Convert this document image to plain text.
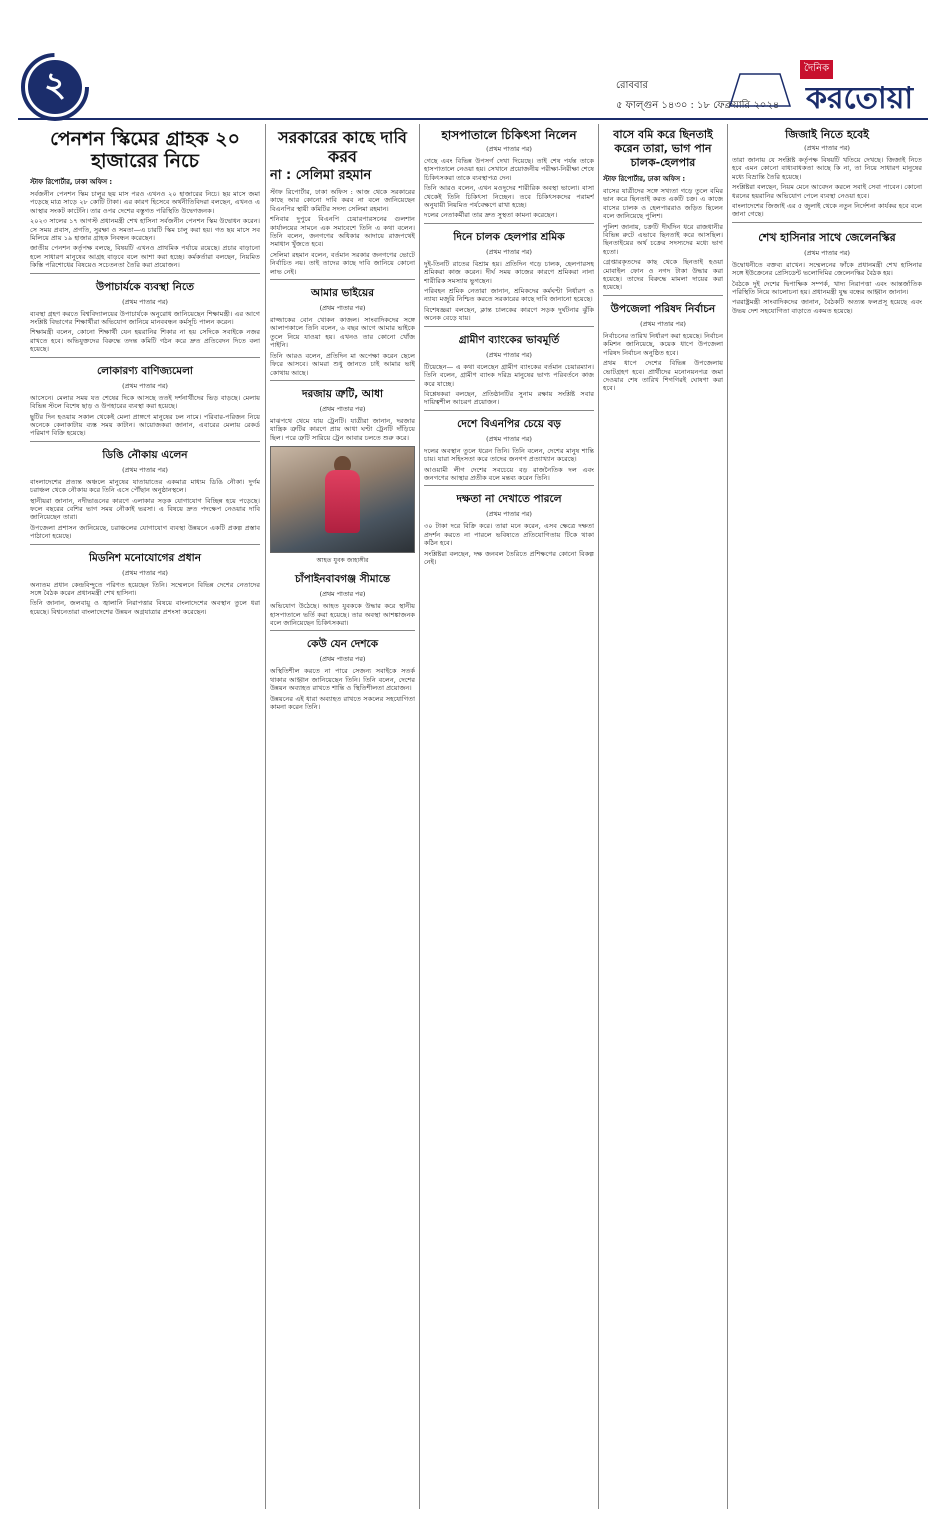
২	রোববার
৫ ফাল্গুন ১৪৩০ : ১৮ ফেব্রুয়ারি ২০২৪
দৈনিক
করতোয়া
পেনশন স্কিমের গ্রাহক ২০ হাজারের নিচে
স্টাফ রিপোর্টার, ঢাকা অফিস :

সর্বজনীন পেনশন স্কিম চালুর ছয় মাস পরও এখনও ২০ হাজারের নিচে। ছয় মাসে জমা পড়েছে মাত্র সাড়ে ২৮ কোটি টাকা। এর কারণ হিসেবে অর্থনীতিবিদরা বলছেন, এখনও এ আস্থার সংকট কাটেনি। তার ওপর দেশের বস্তুগত পরিস্থিতি উদ্বেগজনক।

২০২৩ সালের ১৭ আগস্ট প্রধানমন্ত্রী শেখ হাসিনা সর্বজনীন পেনশন স্কিম উদ্বোধন করেন। সে সময় প্রবাস, প্রগতি, সুরক্ষা ও সমতা—এ চারটি স্কিম চালু করা হয়। গত ছয় মাসে সব মিলিয়ে প্রায় ১৯ হাজার গ্রাহক নিবন্ধন করেছেন।

জাতীয় পেনশন কর্তৃপক্ষ বলছে, বিষয়টি এখনও প্রাথমিক পর্যায়ে রয়েছে। প্রচার বাড়ানো হলে সাধারণ মানুষের আগ্রহ বাড়বে বলে আশা করা হচ্ছে। কর্মকর্তারা বলছেন, নিয়মিত কিস্তি পরিশোধের বিষয়েও সচেতনতা তৈরি করা প্রয়োজন।

উপাচার্যকে ব্যবস্থা নিতে
(প্রথম পাতার পর)

ব্যবস্থা গ্রহণ করতে বিশ্ববিদ্যালয়ের উপাচার্যকে অনুরোধ জানিয়েছেন শিক্ষামন্ত্রী। এর আগে সংশ্লিষ্ট বিভাগের শিক্ষার্থীরা অভিযোগ জানিয়ে মানববন্ধন কর্মসূচি পালন করেন।

শিক্ষামন্ত্রী বলেন, কোনো শিক্ষার্থী যেন হয়রানির শিকার না হয় সেদিকে সবাইকে নজর রাখতে হবে। অভিযুক্তদের বিরুদ্ধে তদন্ত কমিটি গঠন করে দ্রুত প্রতিবেদন দিতে বলা হয়েছে।

লোকারণ্য বাণিজ্যমেলা
(প্রথম পাতার পর)

আসেনে। মেলার সময় যত শেষের দিকে আসছে ততই দর্শনার্থীদের ভিড় বাড়ছে। মেলায় বিভিন্ন স্টলে বিশেষ ছাড় ও উপহারের ব্যবস্থা করা হয়েছে।

ছুটির দিন হওয়ায় সকাল থেকেই মেলা প্রাঙ্গণে মানুষের ঢল নামে। পরিবার-পরিজন নিয়ে অনেকে কেনাকাটায় ব্যস্ত সময় কাটান। আয়োজকরা জানান, এবারের মেলায় রেকর্ড পরিমাণ বিক্রি হয়েছে।

ডিঙি নৌকায় এলেন
(প্রথম পাতার পর)

বাংলাদেশের প্রত্যন্ত অঞ্চলে মানুষের যাতায়াতের একমাত্র মাধ্যম ডিঙি নৌকা। দুর্গম চরাঞ্চল থেকে নৌকায় করে তিনি এসে পৌঁছান অনুষ্ঠানস্থলে।

স্থানীয়রা জানান, নদীভাঙনের কারণে এলাকার সড়ক যোগাযোগ বিচ্ছিন্ন হয়ে পড়েছে। ফলে বছরের বেশির ভাগ সময় নৌকাই ভরসা। এ বিষয়ে দ্রুত পদক্ষেপ নেওয়ার দাবি জানিয়েছেন তারা।

উপজেলা প্রশাসন জানিয়েছে, চরাঞ্চলের যোগাযোগ ব্যবস্থা উন্নয়নে একটি প্রকল্প প্রস্তাব পাঠানো হয়েছে।

মিডনিশ মনোযোগের প্রধান
(প্রথম পাতার পর)

অন্যতম প্রধান কেন্দ্রবিন্দুতে পরিণত হয়েছেন তিনি। সম্মেলনে বিভিন্ন দেশের নেতাদের সঙ্গে বৈঠক করেন প্রধানমন্ত্রী শেখ হাসিনা।

তিনি জানান, জলবায়ু ও জ্বালানি নিরাপত্তার বিষয়ে বাংলাদেশের অবস্থান তুলে ধরা হয়েছে। বিশ্বনেতারা বাংলাদেশের উন্নয়ন অগ্রযাত্রার প্রশংসা করেছেন।

সরকারের কাছে দাবি করব
না : সেলিমা রহমান

স্টাফ রিপোর্টার, ঢাকা অফিস : আজ থেকে সরকারের কাছে আর কোনো দাবি করব না বলে জানিয়েছেন বিএনপির স্থায়ী কমিটির সদস্য সেলিমা রহমান।

শনিবার দুপুরে বিএনপি চেয়ারপারসনের গুলশান কার্যালয়ের সামনে এক সমাবেশে তিনি এ কথা বলেন। তিনি বলেন, জনগণের অধিকার আদায়ে রাজপথেই সমাধান খুঁজতে হবে।

সেলিমা রহমান বলেন, বর্তমান সরকার জনগণের ভোটে নির্বাচিত নয়। তাই তাদের কাছে দাবি জানিয়ে কোনো লাভ নেই।

আমার ভাইয়ের
(প্রথম পাতার পর)

রাজ্জাকের বোন খোকন কাজল। সাংবাদিকদের সঙ্গে আলাপকালে তিনি বলেন, ৬ বছর আগে আমার ভাইকে তুলে নিয়ে যাওয়া হয়। এখনও তার কোনো খোঁজ পাইনি।

তিনি আরও বলেন, প্রতিদিন মা অপেক্ষা করেন ছেলে ফিরে আসবে। আমরা শুধু জানতে চাই আমার ভাই কোথায় আছে।

দরজায় ত্রুটি, আধা
(প্রথম পাতার পর)

মাঝপথে থেমে যায় ট্রেনটি। যাত্রীরা জানান, দরজার যান্ত্রিক ত্রুটির কারণে প্রায় আধা ঘণ্টা ট্রেনটি দাঁড়িয়ে ছিল। পরে ত্রুটি সারিয়ে ট্রেন আবার চলতে শুরু করে।

আহত যুবক জাহাঙ্গীর
চাঁপাইনবাবগঞ্জ সীমান্তে
(প্রথম পাতার পর)

অভিযোগ উঠেছে। আহত যুবককে উদ্ধার করে স্থানীয় হাসপাতালে ভর্তি করা হয়েছে। তার অবস্থা আশঙ্কাজনক বলে জানিয়েছেন চিকিৎসকরা।

কেউ যেন দেশকে
(প্রথম পাতার পর)

অস্থিতিশীল করতে না পারে সেজন্য সবাইকে সতর্ক থাকার আহ্বান জানিয়েছেন তিনি। তিনি বলেন, দেশের উন্নয়ন অব্যাহত রাখতে শান্তি ও স্থিতিশীলতা প্রয়োজন।

উন্নয়নের এই ধারা অব্যাহত রাখতে সকলের সহযোগিতা কামনা করেন তিনি।

হাসপাতালে চিকিৎসা নিলেন
(প্রথম পাতার পর)

গেছে এবং বিভিন্ন উপসর্গ দেখা দিয়েছে। তাই শেষ পর্যন্ত তাকে হাসপাতালে নেওয়া হয়। সেখানে প্রয়োজনীয় পরীক্ষা-নিরীক্ষা শেষে চিকিৎসকরা তাকে ব্যবস্থাপত্র দেন।

তিনি আরও বলেন, এখন মওদুদের শারীরিক অবস্থা ভালো। বাসা থেকেই তিনি চিকিৎসা নিচ্ছেন। তবে চিকিৎসকদের পরামর্শ অনুযায়ী নিয়মিত পর্যবেক্ষণে রাখা হচ্ছে।

দলের নেতাকর্মীরা তার দ্রুত সুস্থতা কামনা করেছেন।

দিনে চালক হেলপার শ্রমিক
(প্রথম পাতার পর)

দুই-তিনটি রাতের বিশ্রাম হয়। প্রতিদিন গড়ে চালক, হেলপারসহ শ্রমিকরা কাজ করেন। দীর্ঘ সময় কাজের কারণে শ্রমিকরা নানা শারীরিক সমস্যায় ভুগছেন।

পরিবহন শ্রমিক নেতারা জানান, শ্রমিকদের কর্মঘণ্টা নির্ধারণ ও ন্যায্য মজুরি নিশ্চিত করতে সরকারের কাছে দাবি জানানো হয়েছে।

বিশেষজ্ঞরা বলছেন, ক্লান্ত চালকের কারণে সড়ক দুর্ঘটনার ঝুঁকি অনেক বেড়ে যায়।

গ্রামীণ ব্যাংকের ভাবমূর্তি
(প্রথম পাতার পর)

টিয়েছেন— এ কথা বলেছেন গ্রামীণ ব্যাংকের বর্তমান চেয়ারম্যান। তিনি বলেন, গ্রামীণ ব্যাংক দরিদ্র মানুষের ভাগ্য পরিবর্তনে কাজ করে যাচ্ছে।

বিশ্লেষকরা বলছেন, প্রতিষ্ঠানটির সুনাম রক্ষায় সংশ্লিষ্ট সবার দায়িত্বশীল আচরণ প্রয়োজন।

দেশে বিএনপির চেয়ে বড়
(প্রথম পাতার পর)

দলের অবস্থান তুলে ধরেন তিনি। তিনি বলেন, দেশের মানুষ শান্তি চায়। যারা সহিংসতা করে তাদের জনগণ প্রত্যাখ্যান করেছে।

আওয়ামী লীগ দেশের সবচেয়ে বড় রাজনৈতিক দল এবং জনগণের আস্থার প্রতীক বলে মন্তব্য করেন তিনি।

দক্ষতা না দেখাতে পারলে
(প্রথম পাতার পর)

৩০ টাকা দরে বিক্রি করে। তারা মনে করেন, এসব ক্ষেত্রে দক্ষতা প্রদর্শন করতে না পারলে ভবিষ্যতে প্রতিযোগিতায় টিকে থাকা কঠিন হবে।

সংশ্লিষ্টরা বলছেন, দক্ষ জনবল তৈরিতে প্রশিক্ষণের কোনো বিকল্প নেই।

বাসে বমি করে ছিনতাই করেন তারা, ভাগ পান চালক-হেলপার
স্টাফ রিপোর্টার, ঢাকা অফিস :

বাসের যাত্রীদের সঙ্গে সখ্যতা গড়ে তুলে বমির ভান করে ছিনতাই করত একটি চক্র। এ কাজে বাসের চালক ও হেলপাররাও জড়িত ছিলেন বলে জানিয়েছে পুলিশ।

পুলিশ জানায়, চক্রটি দীর্ঘদিন ধরে রাজধানীর বিভিন্ন রুটে এভাবে ছিনতাই করে আসছিল। ছিনতাইয়ের অর্থ চক্রের সদস্যদের মধ্যে ভাগ হতো।

গ্রেপ্তারকৃতদের কাছ থেকে ছিনতাই হওয়া মোবাইল ফোন ও নগদ টাকা উদ্ধার করা হয়েছে। তাদের বিরুদ্ধে মামলা দায়ের করা হয়েছে।

উপজেলা পরিষদ নির্বাচন
(প্রথম পাতার পর)

নির্বাচনের তারিখ নির্ধারণ করা হয়েছে। নির্বাচন কমিশন জানিয়েছে, কয়েক ধাপে উপজেলা পরিষদ নির্বাচন অনুষ্ঠিত হবে।

প্রথম ধাপে দেশের বিভিন্ন উপজেলায় ভোটগ্রহণ হবে। প্রার্থীদের মনোনয়নপত্র জমা দেওয়ার শেষ তারিখ শিগগিরই ঘোষণা করা হবে।

জিজাই নিতে হবেই
(প্রথম পাতার পর)

তারা জানায় যে সংশ্লিষ্ট কর্তৃপক্ষ বিষয়টি খতিয়ে দেখছে। জিজাই নিতে হবে এমন কোনো বাধ্যবাধকতা আছে কি না, তা নিয়ে সাধারণ মানুষের মধ্যে বিভ্রান্তি তৈরি হয়েছে।

সংশ্লিষ্টরা বলছেন, নিয়ম মেনে আবেদন করলে সবাই সেবা পাবেন। কোনো ধরনের হয়রানির অভিযোগ পেলে ব্যবস্থা নেওয়া হবে।

বাংলাদেশের জিজাই এর ৫ জুলাই থেকে নতুন নির্দেশনা কার্যকর হবে বলে জানা গেছে।

শেখ হাসিনার সাথে জেলেনস্কির
(প্রথম পাতার পর)

উদ্বোধনীতে বক্তব্য রাখেন। সম্মেলনের ফাঁকে প্রধানমন্ত্রী শেখ হাসিনার সঙ্গে ইউক্রেনের প্রেসিডেন্ট ভলোদিমির জেলেনস্কির বৈঠক হয়।

বৈঠকে দুই দেশের দ্বিপাক্ষিক সম্পর্ক, খাদ্য নিরাপত্তা এবং আন্তর্জাতিক পরিস্থিতি নিয়ে আলোচনা হয়। প্রধানমন্ত্রী যুদ্ধ বন্ধের আহ্বান জানান।

পররাষ্ট্রমন্ত্রী সাংবাদিকদের জানান, বৈঠকটি অত্যন্ত ফলপ্রসূ হয়েছে এবং উভয় দেশ সহযোগিতা বাড়াতে একমত হয়েছে।
